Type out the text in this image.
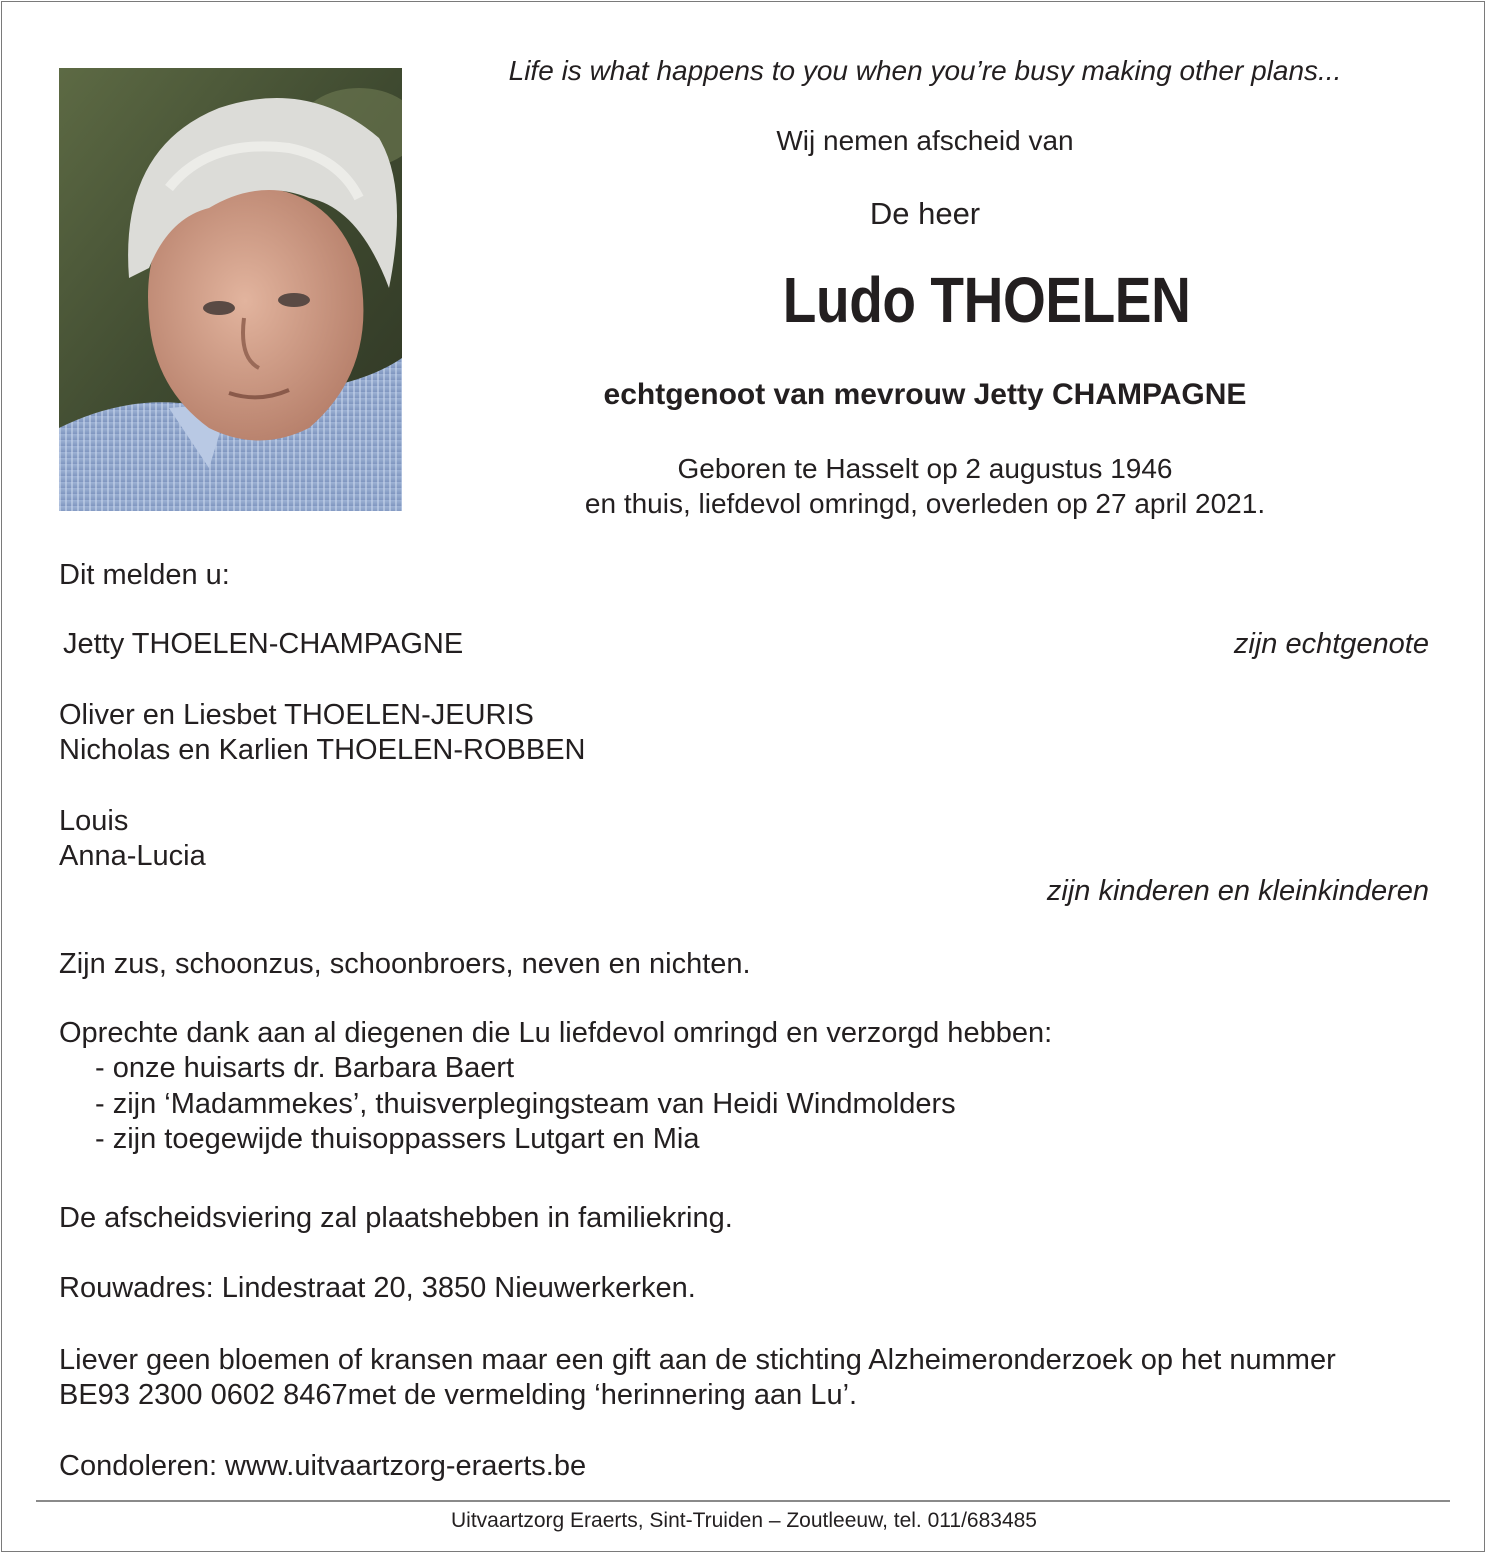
Life is what happens to you when you’re busy making other plans...
Wij nemen afscheid van
De heer
Ludo THOELEN
echtgenoot van mevrouw Jetty CHAMPAGNE
Geboren te Hasselt op 2 augustus 1946
en thuis, liefdevol omringd, overleden op 27 april 2021.
Dit melden u:
Jetty THOELEN-CHAMPAGNE	zijn echtgenote
Oliver en Liesbet THOELEN-JEURIS
Nicholas en Karlien THOELEN-ROBBEN
Louis
Anna-Lucia
zijn kinderen en kleinkinderen
Zijn zus, schoonzus, schoonbroers, neven en nichten.
Oprechte dank aan al diegenen die Lu liefdevol omringd en verzorgd hebben:
- onze huisarts dr. Barbara Baert
- zijn ‘Madammekes’, thuisverplegingsteam van Heidi Windmolders
- zijn toegewijde thuisoppassers Lutgart en Mia
De afscheidsviering zal plaatshebben in familiekring.
Rouwadres: Lindestraat 20, 3850 Nieuwerkerken.
Liever geen bloemen of kransen maar een gift aan de stichting Alzheimeronderzoek op het nummer
BE93 2300 0602 8467met de vermelding ‘herinnering aan Lu’.
Condoleren: www.uitvaartzorg-eraerts.be
Uitvaartzorg Eraerts, Sint-Truiden – Zoutleeuw, tel. 011/683485
